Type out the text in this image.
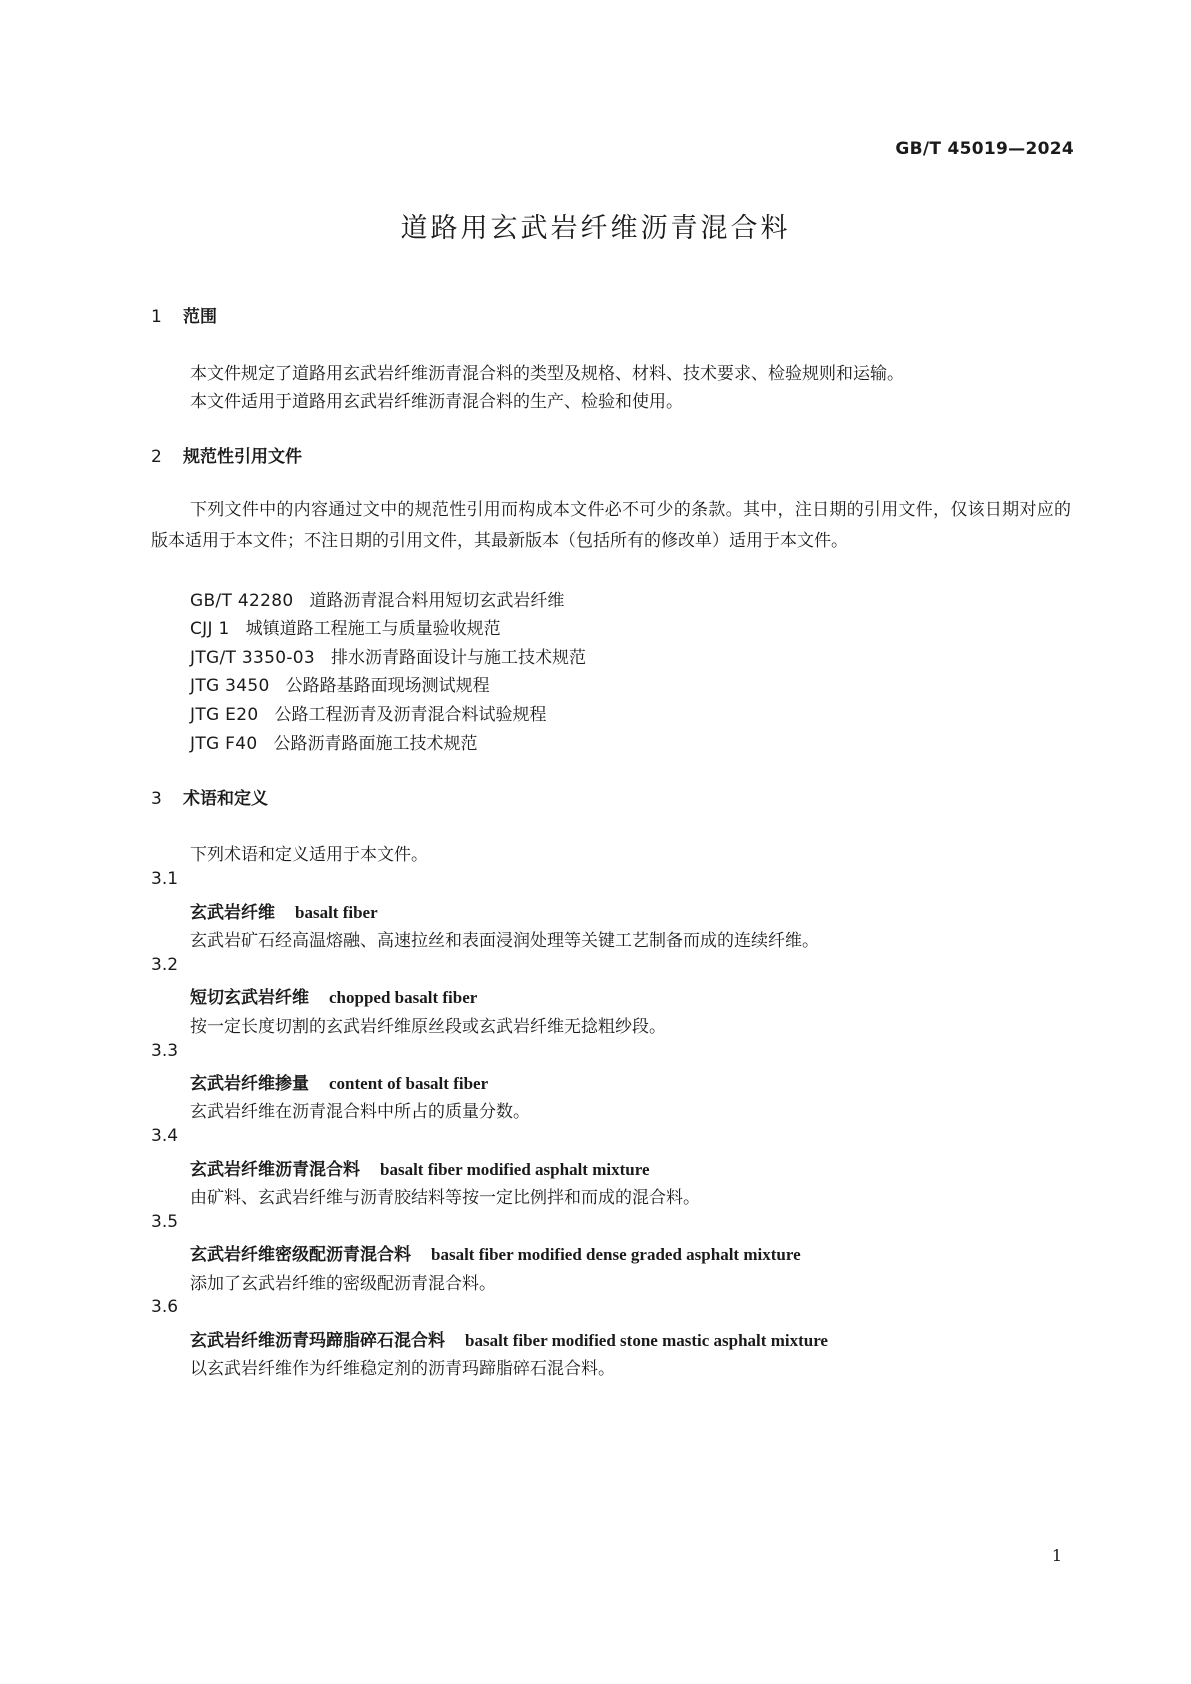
GB/T 45019—2024

道路用玄武岩纤维沥青混合料
1 范围

本文件规定了道路用玄武岩纤维沥青混合料的类型及规格、材料、技术要求、检验规则和运输。

本文件适用于道路用玄武岩纤维沥青混合料的生产、检验和使用。

2 规范性引用文件

下列文件中的内容通过文中的规范性引用而构成本文件必不可少的条款。其中，注日期的引用文件，仅该日期对应的版本适用于本文件；不注日期的引用文件，其最新版本（包括所有的修改单）适用于本文件。

GB/T 42280 道路沥青混合料用短切玄武岩纤维

CJJ 1 城镇道路工程施工与质量验收规范

JTG/T 3350-03 排水沥青路面设计与施工技术规范

JTG 3450 公路路基路面现场测试规程

JTG E20 公路工程沥青及沥青混合料试验规程

JTG F40 公路沥青路面施工技术规范

3 术语和定义

下列术语和定义适用于本文件。

3.1

玄武岩纤维 basalt fiber

玄武岩矿石经高温熔融、高速拉丝和表面浸润处理等关键工艺制备而成的连续纤维。

3.2

短切玄武岩纤维 chopped basalt fiber

按一定长度切割的玄武岩纤维原丝段或玄武岩纤维无捻粗纱段。

3.3

玄武岩纤维掺量 content of basalt fiber

玄武岩纤维在沥青混合料中所占的质量分数。

3.4

玄武岩纤维沥青混合料 basalt fiber modified asphalt mixture

由矿料、玄武岩纤维与沥青胶结料等按一定比例拌和而成的混合料。

3.5

玄武岩纤维密级配沥青混合料 basalt fiber modified dense graded asphalt mixture

添加了玄武岩纤维的密级配沥青混合料。

3.6

玄武岩纤维沥青玛蹄脂碎石混合料 basalt fiber modified stone mastic asphalt mixture

以玄武岩纤维作为纤维稳定剂的沥青玛蹄脂碎石混合料。

1
